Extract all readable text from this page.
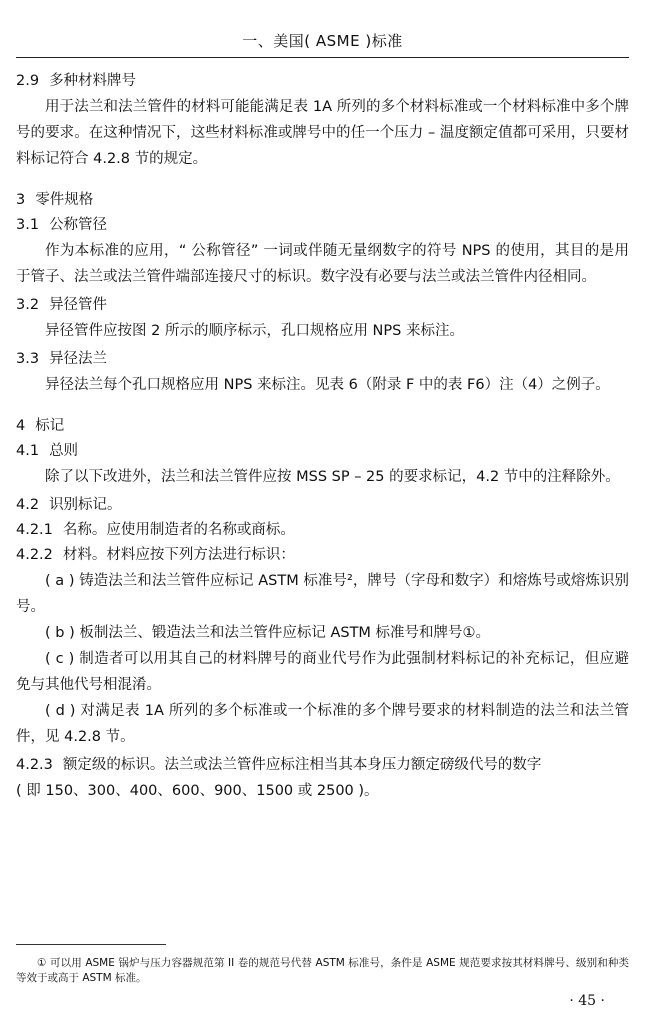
一、美国( ASME )标准
2.9 多种材料牌号

用于法兰和法兰管件的材料可能能满足表 1A 所列的多个材料标准或一个材料标准中多个牌号的要求。在这种情况下，这些材料标准或牌号中的任一个压力 – 温度额定值都可采用，只要材料标记符合 4.2.8 节的规定。

3 零件规格
3.1 公称管径

作为本标准的应用，“ 公称管径” 一词或伴随无量纲数字的符号 NPS 的使用，其目的是用于管子、法兰或法兰管件端部连接尺寸的标识。数字没有必要与法兰或法兰管件内径相同。

3.2 异径管件

异径管件应按图 2 所示的顺序标示，孔口规格应用 NPS 来标注。

3.3 异径法兰

异径法兰每个孔口规格应用 NPS 来标注。见表 6（附录 F 中的表 F6）注（4）之例子。

4 标记
4.1 总则

除了以下改进外，法兰和法兰管件应按 MSS SP – 25 的要求标记，4.2 节中的注释除外。

4.2 识别标记。
4.2.1 名称。应使用制造者的名称或商标。
4.2.2 材料。材料应按下列方法进行标识：

( a ) 铸造法兰和法兰管件应标记 ASTM 标准号²，牌号（字母和数字）和熔炼号或熔炼识别号。

( b ) 板制法兰、锻造法兰和法兰管件应标记 ASTM 标准号和牌号①。

( c ) 制造者可以用其自己的材料牌号的商业代号作为此强制材料标记的补充标记，但应避免与其他代号相混淆。

( d ) 对满足表 1A 所列的多个标准或一个标准的多个牌号要求的材料制造的法兰和法兰管件，见 4.2.8 节。

4.2.3 额定级的标识。法兰或法兰管件应标注相当其本身压力额定磅级代号的数字

( 即 150、300、400、600、900、1500 或 2500 )。

① 可以用 ASME 锅炉与压力容器规范第 II 卷的规范号代替 ASTM 标准号，条件是 ASME 规范要求按其材料牌号、级别和种类等效于或高于 ASTM 标准。
· 45 ·
